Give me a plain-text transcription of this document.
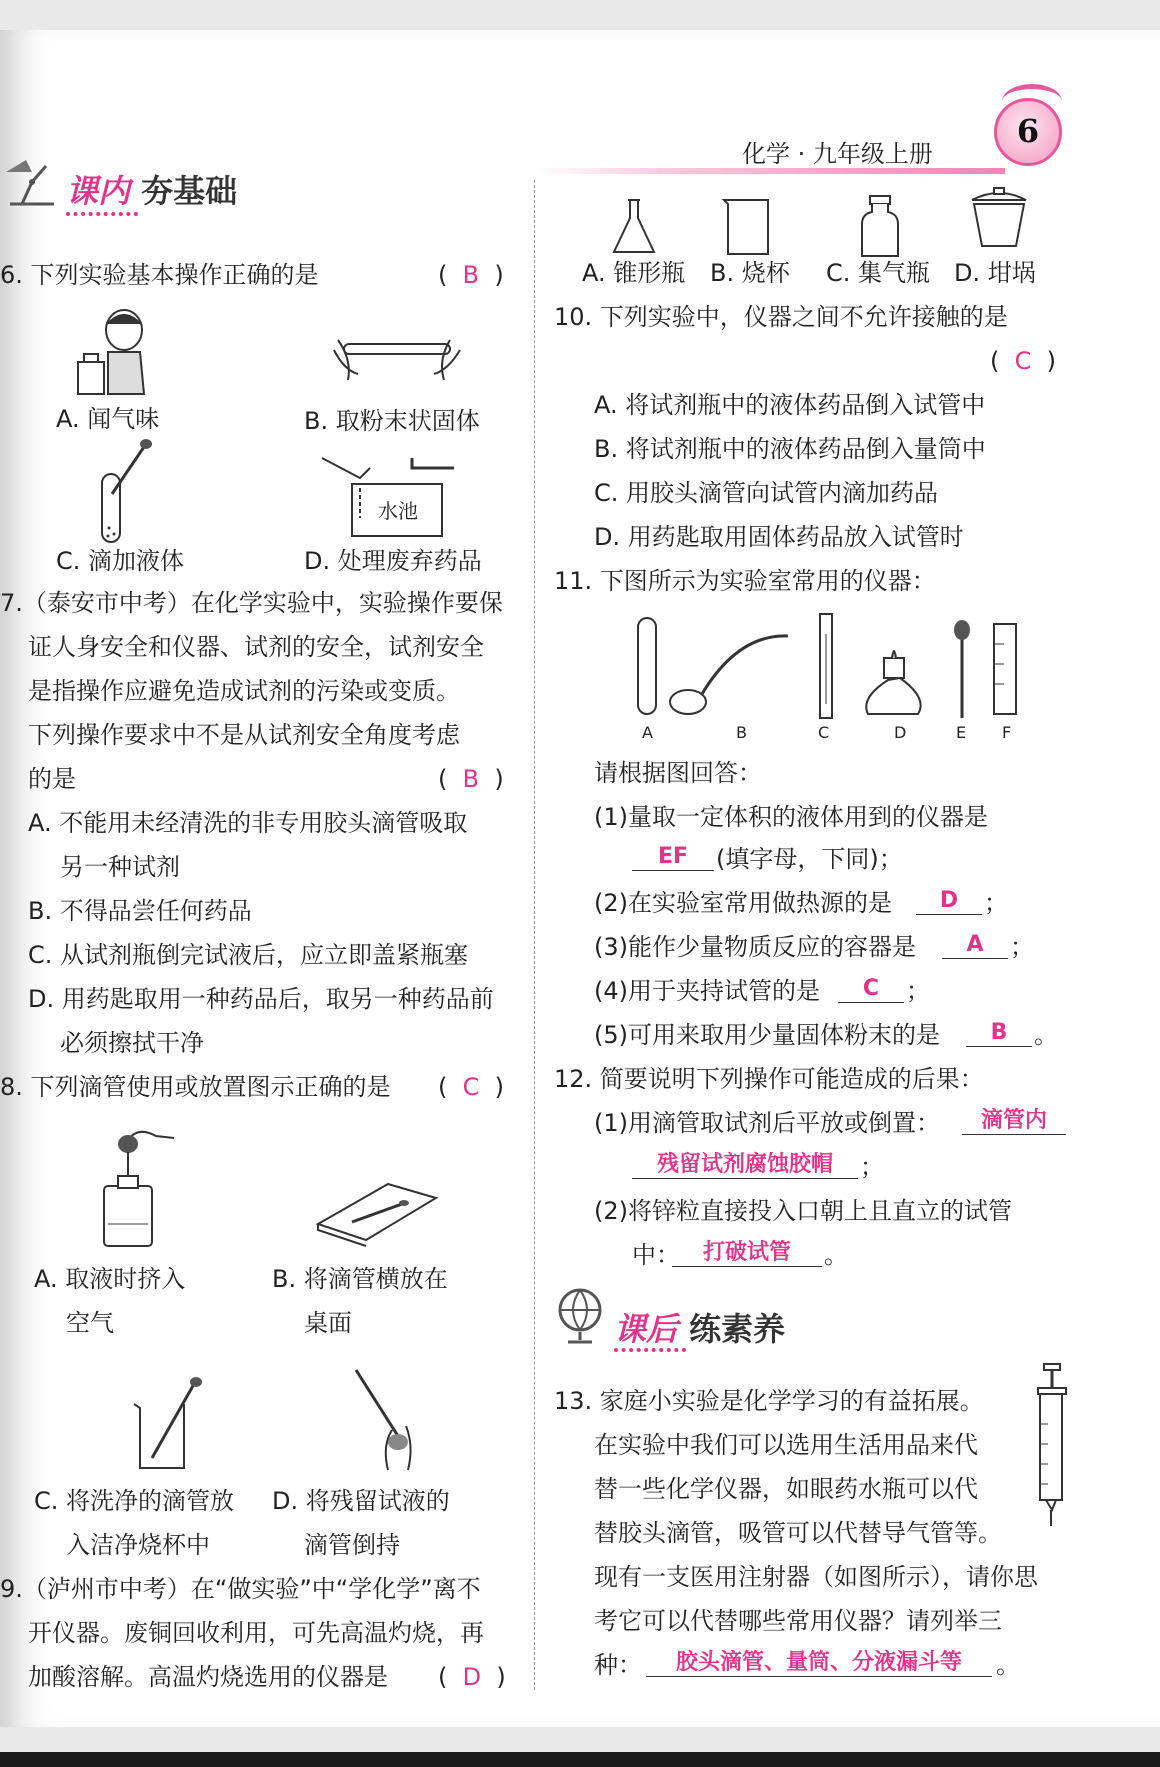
化学 · 九年级上册
6
课内 夯基础
6. 下列实验基本操作正确的是	(  B  )
A. 闻气味	B. 取粉末状固体
水池
C. 滴加液体	D. 处理废弃药品
7.（泰安市中考）在化学实验中，实验操作要保
证人身安全和仪器、试剂的安全，试剂安全
是指操作应避免造成试剂的污染或变质。
下列操作要求中不是从试剂安全角度考虑
的是	(  B  )
A. 不能用未经清洗的非专用胶头滴管吸取
另一种试剂
B. 不得品尝任何药品
C. 从试剂瓶倒完试液后，应立即盖紧瓶塞
D. 用药匙取用一种药品后，取另一种药品前
必须擦拭干净
8. 下列滴管使用或放置图示正确的是 (  C  )
A. 取液时挤入
空气
B. 将滴管横放在
桌面
C. 将洗净的滴管放
入洁净烧杯中
D. 将残留试液的
滴管倒持
9.（泸州市中考）在“做实验”中“学化学”离不
开仪器。废铜回收利用，可先高温灼烧，再
加酸溶解。高温灼烧选用的仪器是 (  D  )
A. 锥形瓶 B. 烧杯 C. 集气瓶 D. 坩埚
10. 下列实验中，仪器之间不允许接触的是
(  C  )
A. 将试剂瓶中的液体药品倒入试管中
B. 将试剂瓶中的液体药品倒入量筒中
C. 用胶头滴管向试管内滴加药品
D. 用药匙取用固体药品放入试管时
11. 下图所示为实验室常用的仪器：
A	B	C	D	E F
请根据图回答：
(1)量取一定体积的液体用到的仪器是
EF	(填字母，下同)；
(2)在实验室常用做热源的是	D	；
(3)能作少量物质反应的容器是	A	；
(4)用于夹持试管的是	C	；
(5)可用来取用少量固体粉末的是	B	。
12. 简要说明下列操作可能造成的后果：
(1)用滴管取试剂后平放或倒置：	滴管内
残留试剂腐蚀胶帽	；
(2)将锌粒直接投入口朝上且直立的试管
中：	打破试管	。
课后 练素养
13. 家庭小实验是化学学习的有益拓展。
在实验中我们可以选用生活用品来代
替一些化学仪器，如眼药水瓶可以代
替胶头滴管，吸管可以代替导气管等。
现有一支医用注射器（如图所示），请你思
考它可以代替哪些常用仪器？请列举三
种：	胶头滴管、量筒、分液漏斗等	。
